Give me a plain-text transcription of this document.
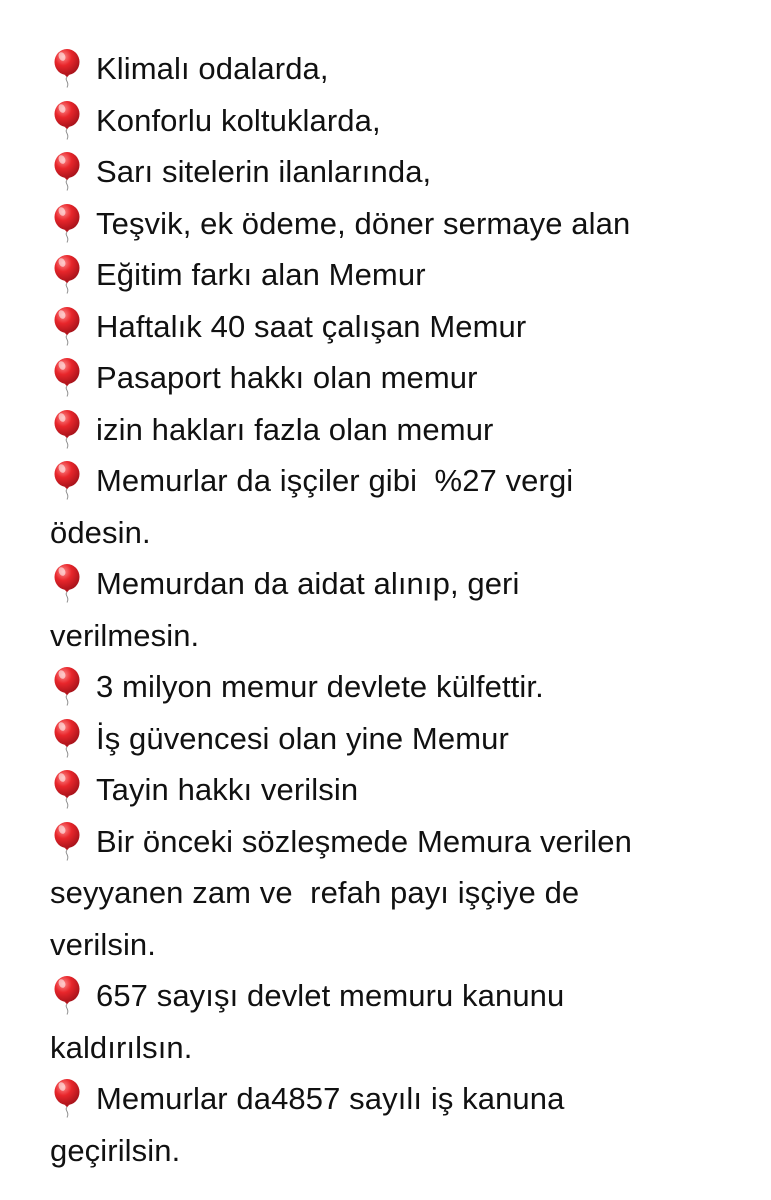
Klimalı odalarda,
Konforlu koltuklarda,
Sarı sitelerin ilanlarında,
Teşvik, ek ödeme, döner sermaye alan
Eğitim farkı alan Memur
Haftalık 40 saat çalışan Memur
Pasaport hakkı olan memur
izin hakları fazla olan memur
Memurlar da işçiler gibi  %27 vergi
ödesin.
Memurdan da aidat alınıp, geri
verilmesin.
3 milyon memur devlete külfettir.
İş güvencesi olan yine Memur
Tayin hakkı verilsin
Bir önceki sözleşmede Memura verilen
seyyanen zam ve  refah payı işçiye de
verilsin.
657 sayışı devlet memuru kanunu
kaldırılsın.
Memurlar da4857 sayılı iş kanuna
geçirilsin.
